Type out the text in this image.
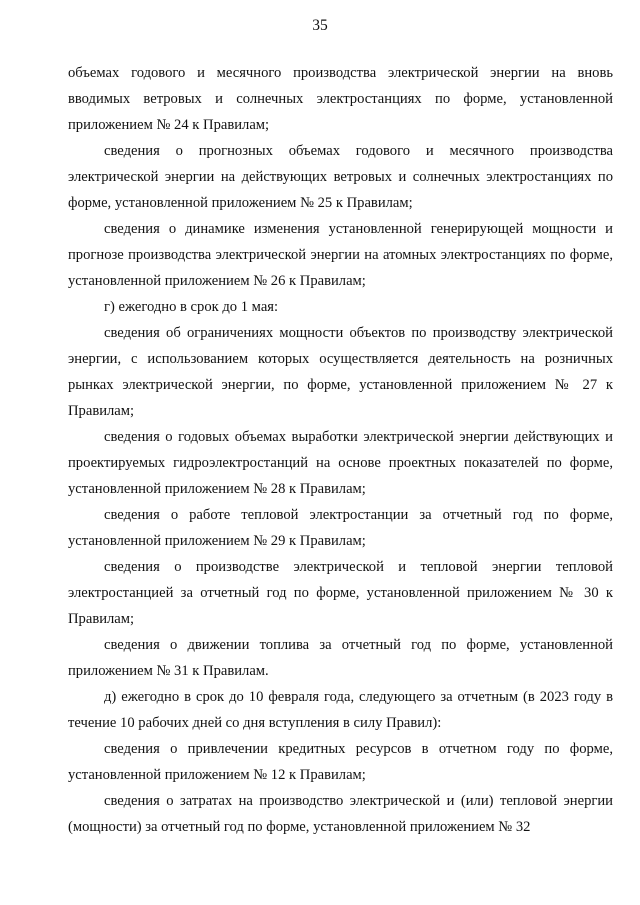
35

объемах годового и месячного производства электрической энергии на вновь вводимых ветровых и солнечных электростанциях по форме, установленной приложением № 24 к Правилам;

сведения о прогнозных объемах годового и месячного производства электрической энергии на действующих ветровых и солнечных электростанциях по форме, установленной приложением № 25 к Правилам;

сведения о динамике изменения установленной генерирующей мощности и прогнозе производства электрической энергии на атомных электростанциях по форме, установленной приложением № 26 к Правилам;

г) ежегодно в срок до 1 мая:

сведения об ограничениях мощности объектов по производству электрической энергии, с использованием которых осуществляется деятельность на розничных рынках электрической энергии, по форме, установленной приложением № 27 к Правилам;

сведения о годовых объемах выработки электрической энергии действующих и проектируемых гидроэлектростанций на основе проектных показателей по форме, установленной приложением № 28 к Правилам;

сведения о работе тепловой электростанции за отчетный год по форме, установленной приложением № 29 к Правилам;

сведения о производстве электрической и тепловой энергии тепловой электростанцией за отчетный год по форме, установленной приложением № 30 к Правилам;

сведения о движении топлива за отчетный год по форме, установленной приложением № 31 к Правилам.

д) ежегодно в срок до 10 февраля года, следующего за отчетным (в 2023 году в течение 10 рабочих дней со дня вступления в силу Правил):

сведения о привлечении кредитных ресурсов в отчетном году по форме, установленной приложением № 12 к Правилам;

сведения о затратах на производство электрической и (или) тепловой энергии (мощности) за отчетный год по форме, установленной приложением № 32
